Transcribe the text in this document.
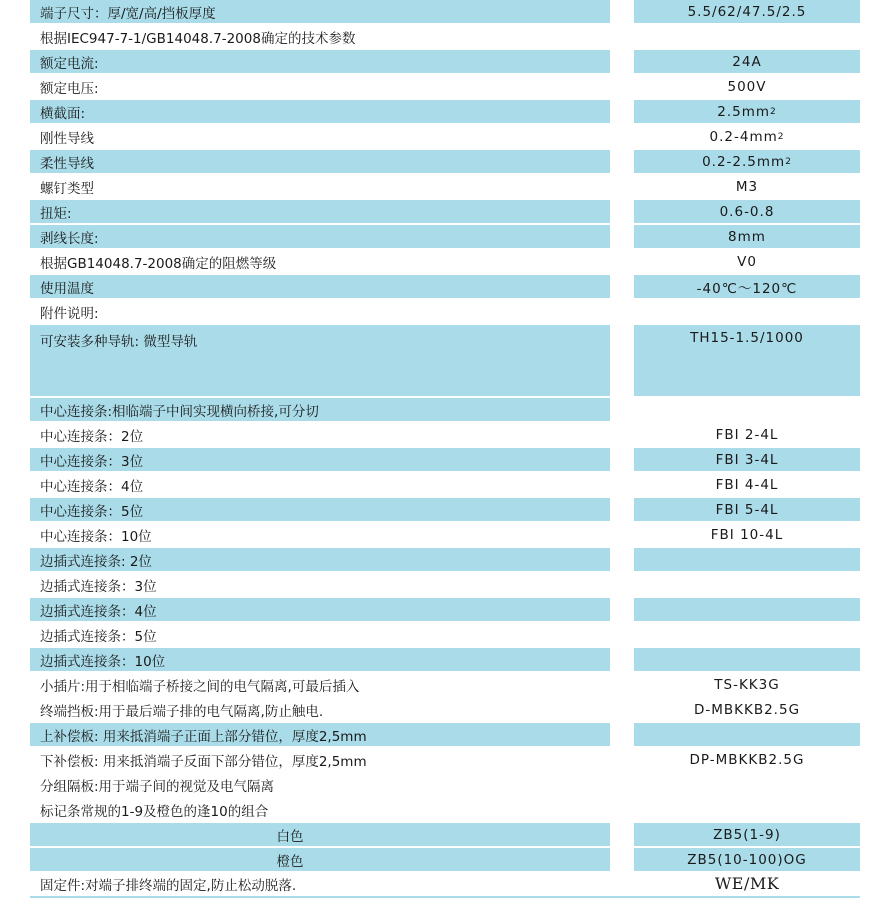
端子尺寸：厚/宽/高/挡板厚度	5.5/62/47.5/2.5
根据IEC947-7-1/GB14048.7-2008确定的技术参数
额定电流:	24A
额定电压:	500V
横截面:	2.5mm 2
刚性导线	0.2-4mm 2
柔性导线	0.2-2.5mm 2
螺钉类型	M3
扭矩:	0.6-0.8
剥线长度:	8mm
根据GB14048.7-2008确定的阻燃等级	V0
使用温度	-40℃～120℃
附件说明:
可安装多种导轨: 微型导轨	TH15-1.5/1000
中心连接条:相临端子中间实现横向桥接,可分切
中心连接条：2位	FBI 2-4L
中心连接条：3位	FBI 3-4L
中心连接条：4位	FBI 4-4L
中心连接条：5位	FBI 5-4L
中心连接条：10位	FBI 10-4L
边插式连接条: 2位
边插式连接条：3位
边插式连接条：4位
边插式连接条：5位
边插式连接条：10位
小插片:用于相临端子桥接之间的电气隔离,可最后插入	TS-KK3G
终端挡板:用于最后端子排的电气隔离,防止触电.	D-MBKKB2.5G
上补偿板: 用来抵消端子正面上部分错位，厚度2,5mm
下补偿板: 用来抵消端子反面下部分错位，厚度2,5mm	DP-MBKKB2.5G
分组隔板:用于端子间的视觉及电气隔离
标记条常规的1-9及橙色的逢10的组合
白色	ZB5(1-9)
橙色	ZB5(10-100)OG
固定件:对端子排终端的固定,防止松动脱落.	WE/MK
